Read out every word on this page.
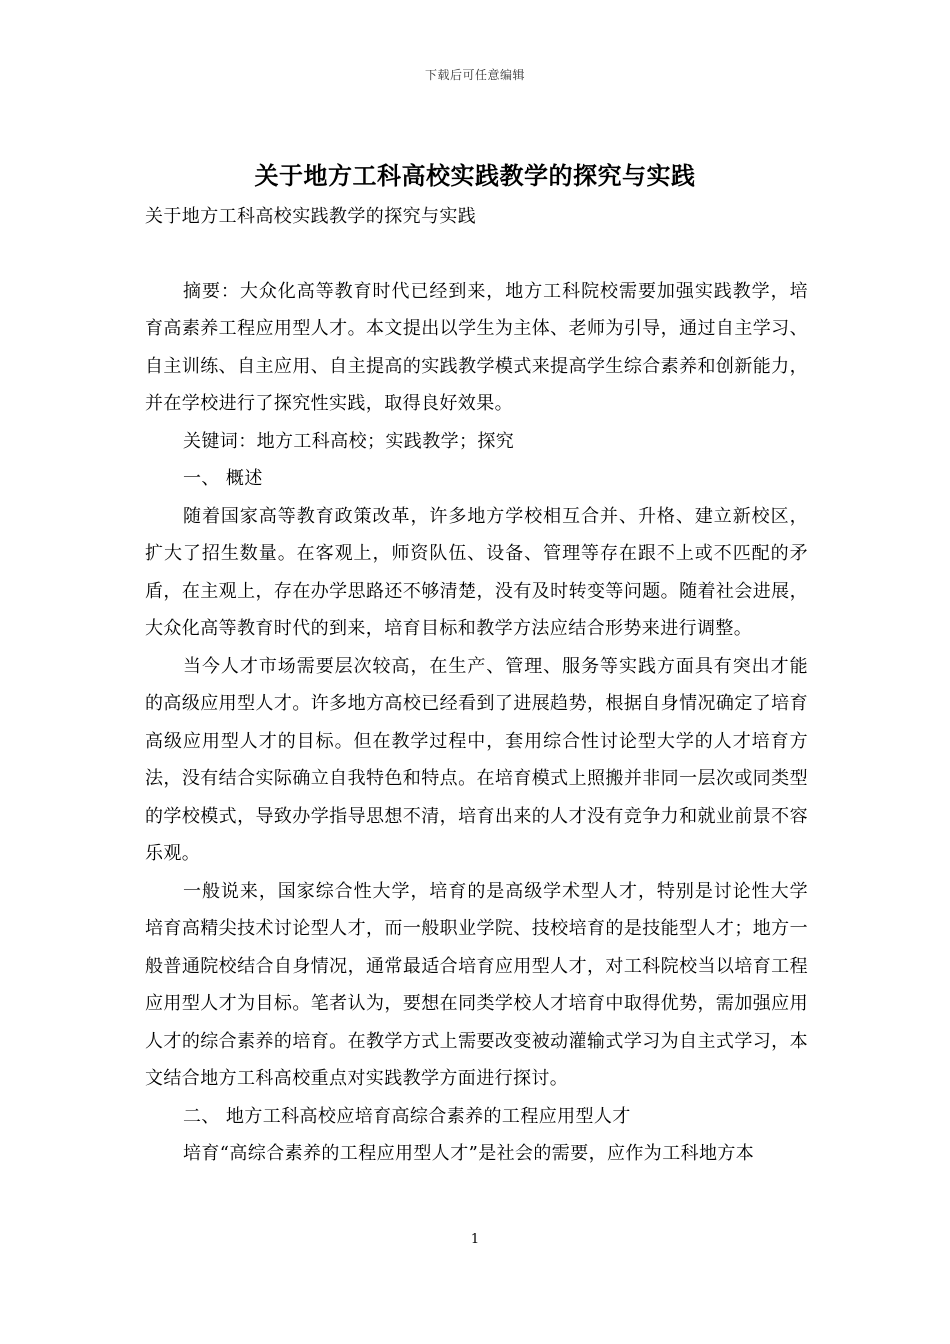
下载后可任意编辑
关于地方工科高校实践教学的探究与实践

关于地方工科高校实践教学的探究与实践

摘要：大众化高等教育时代已经到来，地方工科院校需要加强实践教学，培育高素养工程应用型人才。本文提出以学生为主体、老师为引导，通过自主学习、自主训练、自主应用、自主提高的实践教学模式来提高学生综合素养和创新能力，并在学校进行了探究性实践，取得良好效果。

关键词：地方工科高校；实践教学；探究

一、 概述

随着国家高等教育政策改革，许多地方学校相互合并、升格、建立新校区，扩大了招生数量。在客观上，师资队伍、设备、管理等存在跟不上或不匹配的矛盾，在主观上，存在办学思路还不够清楚，没有及时转变等问题。随着社会进展，大众化高等教育时代的到来，培育目标和教学方法应结合形势来进行调整。

当今人才市场需要层次较高，在生产、管理、服务等实践方面具有突出才能的高级应用型人才。许多地方高校已经看到了进展趋势，根据自身情况确定了培育高级应用型人才的目标。但在教学过程中，套用综合性讨论型大学的人才培育方法，没有结合实际确立自我特色和特点。在培育模式上照搬并非同一层次或同类型的学校模式，导致办学指导思想不清，培育出来的人才没有竞争力和就业前景不容乐观。

一般说来，国家综合性大学，培育的是高级学术型人才，特别是讨论性大学培育高精尖技术讨论型人才，而一般职业学院、技校培育的是技能型人才；地方一般普通院校结合自身情况，通常最适合培育应用型人才，对工科院校当以培育工程应用型人才为目标。笔者认为，要想在同类学校人才培育中取得优势，需加强应用人才的综合素养的培育。在教学方式上需要改变被动灌输式学习为自主式学习，本文结合地方工科高校重点对实践教学方面进行探讨。

二、 地方工科高校应培育高综合素养的工程应用型人才

培育“高综合素养的工程应用型人才”是社会的需要，应作为工科地方本

1
